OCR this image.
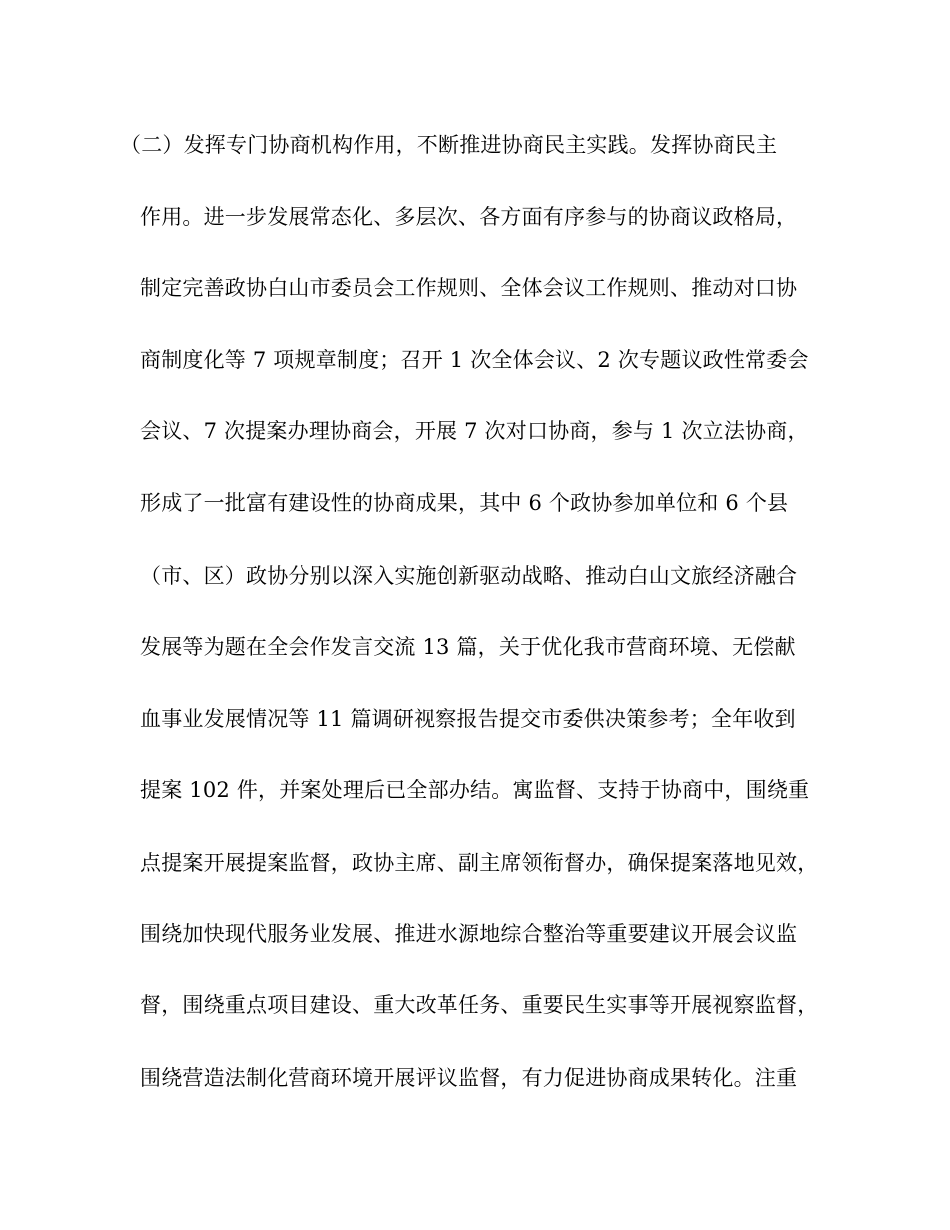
（二）发挥专门协商机构作用，不断推进协商民主实践。发挥协商民主
作用。进一步发展常态化、多层次、各方面有序参与的协商议政格局，
制定完善政协白山市委员会工作规则、全体会议工作规则、推动对口协
商制度化等 7 项规章制度；召开 1 次全体会议、2 次专题议政性常委会
会议、7 次提案办理协商会，开展 7 次对口协商，参与 1 次立法协商，
形成了一批富有建设性的协商成果，其中 6 个政协参加单位和 6 个县
（市、区）政协分别以深入实施创新驱动战略、推动白山文旅经济融合
发展等为题在全会作发言交流 13 篇，关于优化我市营商环境、无偿献
血事业发展情况等 11 篇调研视察报告提交市委供决策参考；全年收到
提案 102 件，并案处理后已全部办结。寓监督、支持于协商中，围绕重
点提案开展提案监督，政协主席、副主席领衔督办，确保提案落地见效，
围绕加快现代服务业发展、推进水源地综合整治等重要建议开展会议监
督，围绕重点项目建设、重大改革任务、重要民生实事等开展视察监督，
围绕营造法制化营商环境开展评议监督，有力促进协商成果转化。注重
